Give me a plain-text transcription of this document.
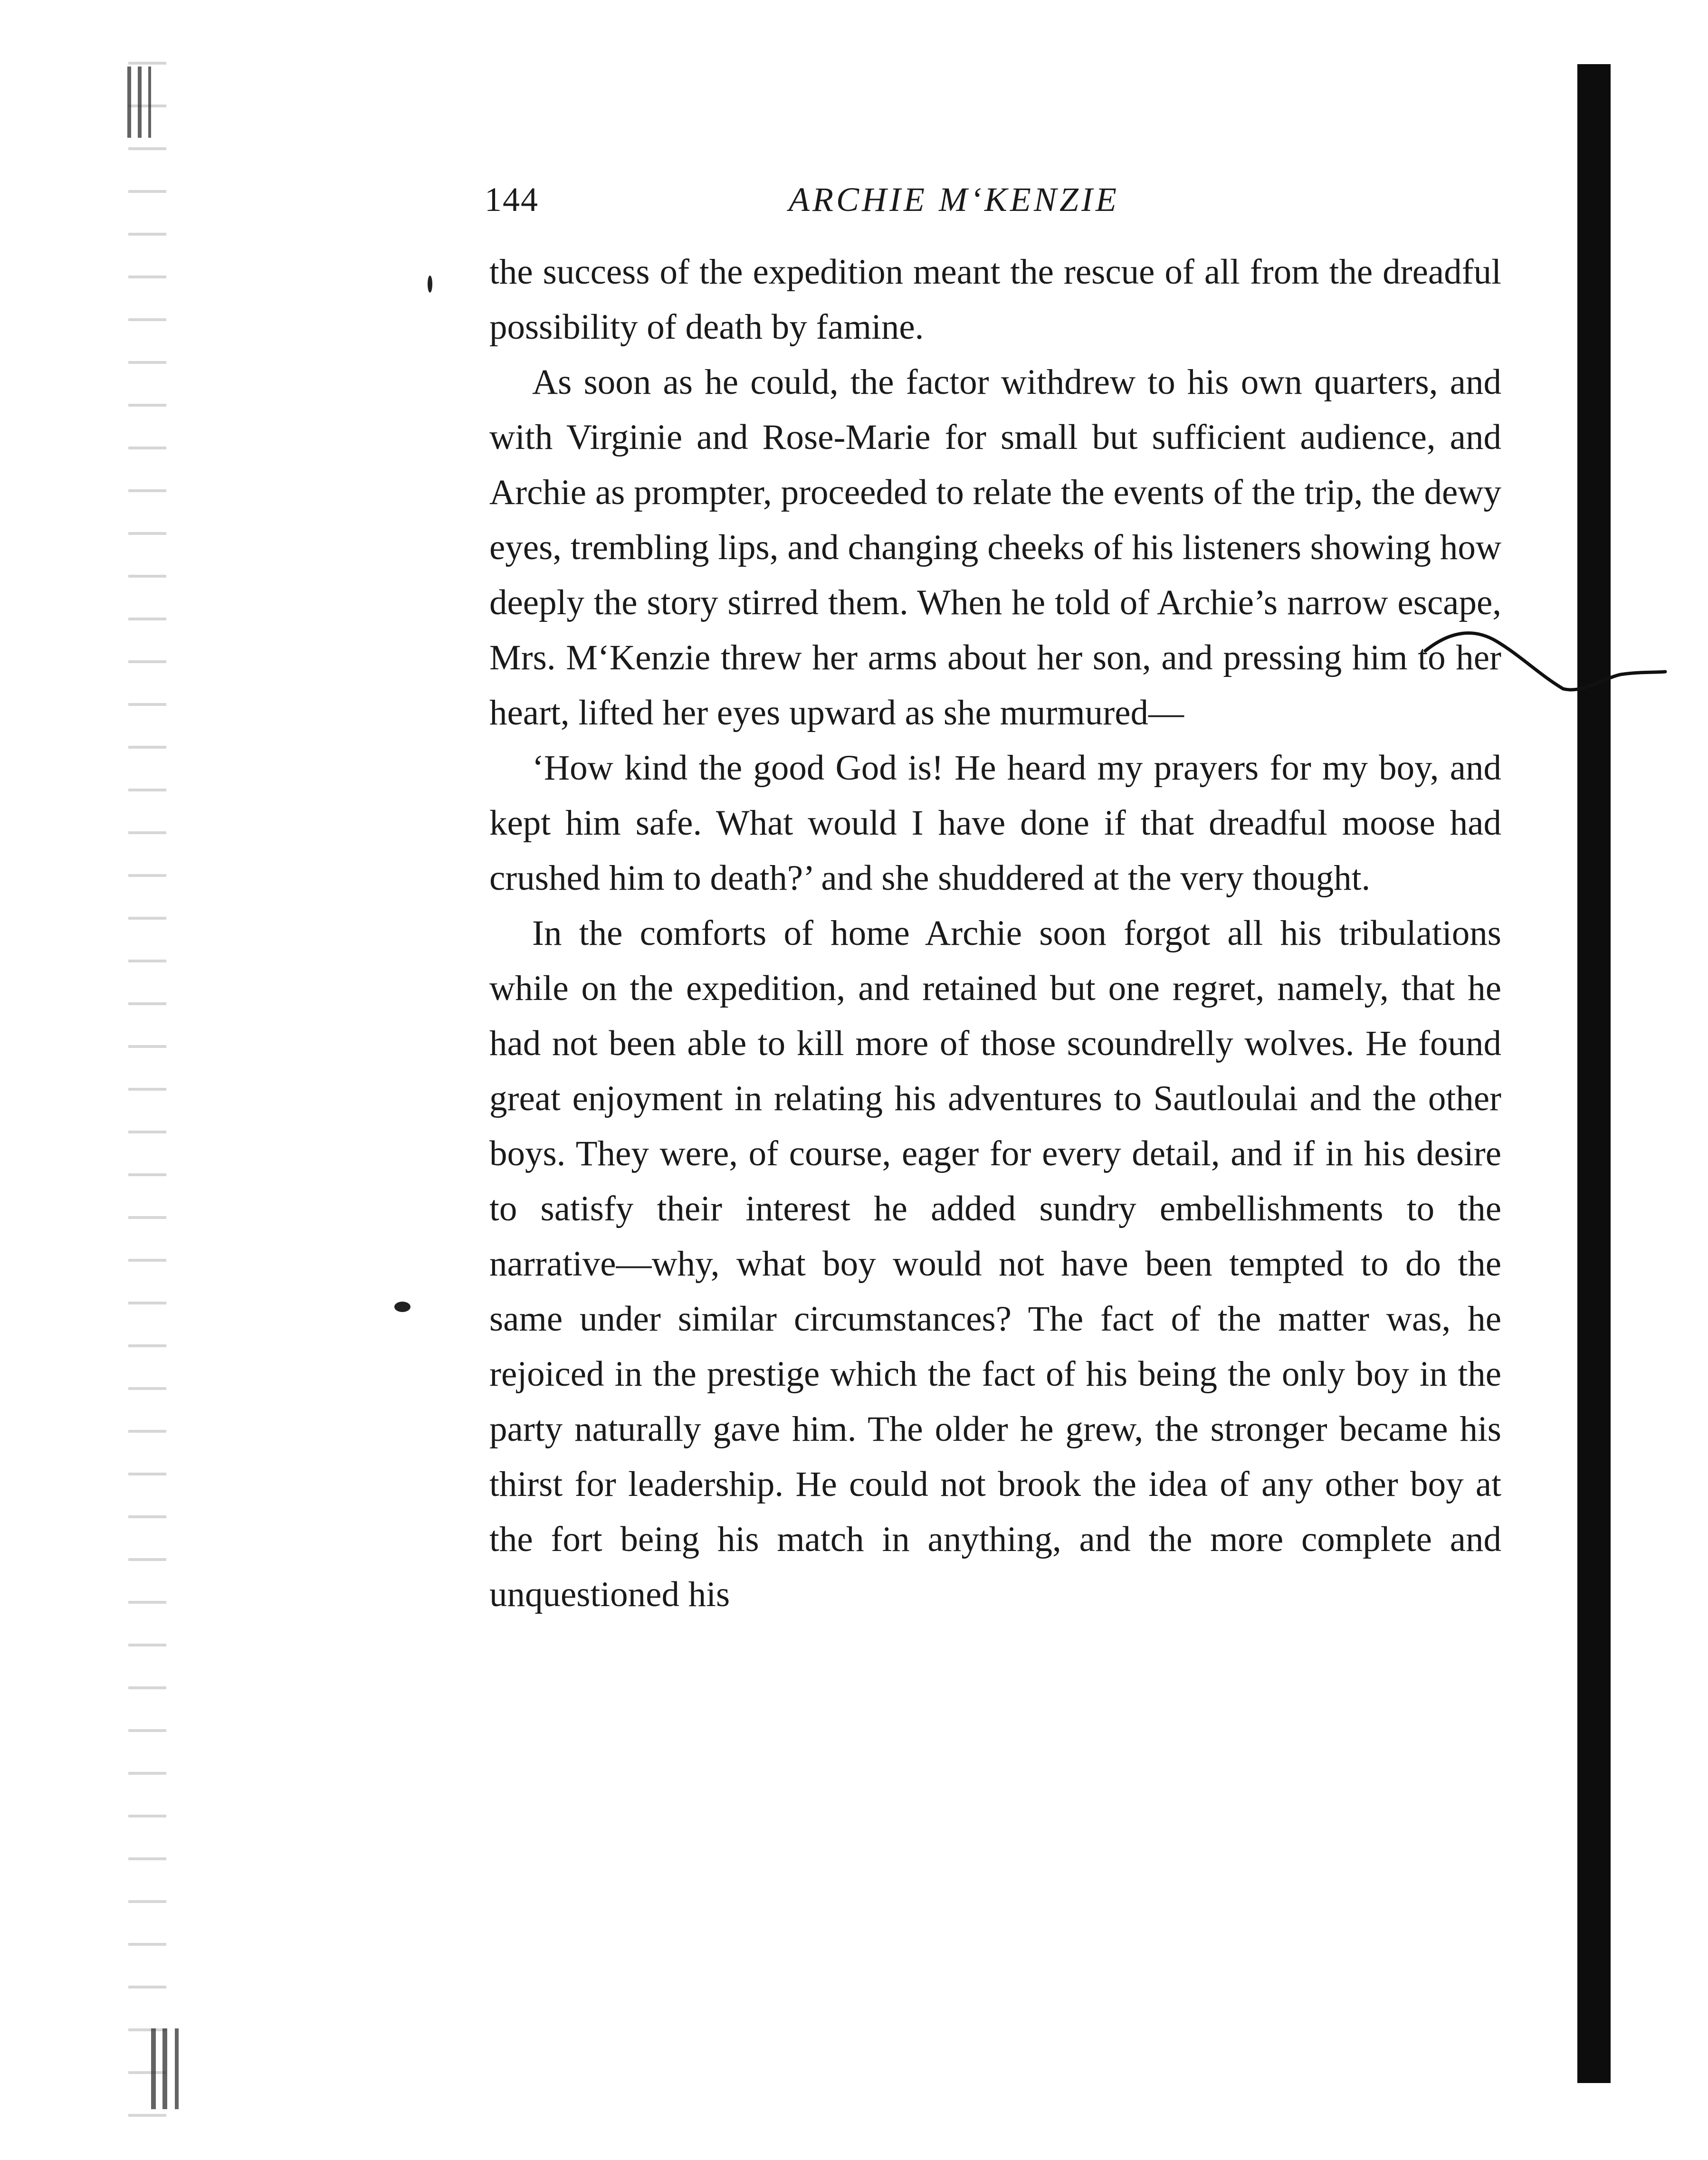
144	ARCHIE M‘KENZIE

the success of the expedition meant the rescue of all from the dreadful possibility of death by famine.

As soon as he could, the factor withdrew to his own quarters, and with Virginie and Rose-Marie for small but sufficient audience, and Archie as prompter, proceeded to relate the events of the trip, the dewy eyes, trembling lips, and changing cheeks of his listeners showing how deeply the story stirred them. When he told of Archie’s narrow escape, Mrs. M‘Kenzie threw her arms about her son, and pressing him to her heart, lifted her eyes upward as she murmured—

‘How kind the good God is! He heard my prayers for my boy, and kept him safe. What would I have done if that dreadful moose had crushed him to death?’ and she shuddered at the very thought.

In the comforts of home Archie soon forgot all his tribulations while on the expedition, and retained but one regret, namely, that he had not been able to kill more of those scoundrelly wolves. He found great enjoyment in relating his adventures to Sautloulai and the other boys. They were, of course, eager for every detail, and if in his desire to satisfy their interest he added sundry embellishments to the narrative—why, what boy would not have been tempted to do the same under similar circumstances? The fact of the matter was, he rejoiced in the prestige which the fact of his being the only boy in the party naturally gave him. The older he grew, the stronger became his thirst for leadership. He could not brook the idea of any other boy at the fort being his match in anything, and the more complete and unquestioned his
